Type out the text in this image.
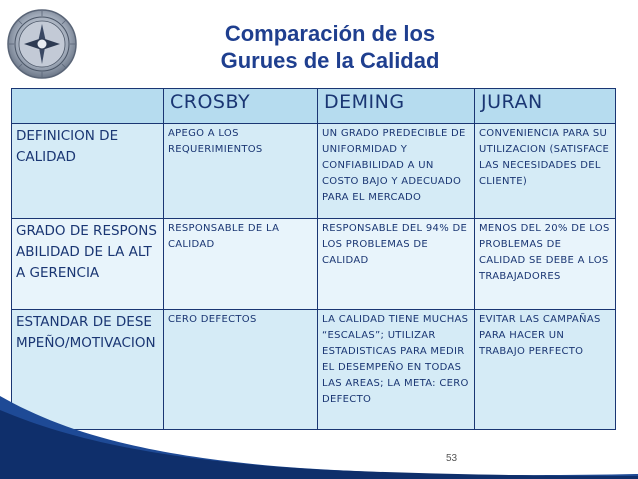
Comparación de los
Gurues de la Calidad
	CROSBY	DEMING	JURAN
DEFINICION DE CALIDAD	APEGO A LOS REQUERIMIENTOS	UN GRADO PREDECIBLE DE UNIFORMIDAD Y CONFIABILIDAD A UN COSTO BAJO Y ADECUADO PARA EL MERCADO	CONVENIENCIA PARA SU UTILIZACION (SATISFACE LAS NECESIDADES DEL CLIENTE)
GRADO DE RESPONSABILIDAD DE LA ALTA GERENCIA	RESPONSABLE DE LA CALIDAD	RESPONSABLE DEL 94% DE LOS PROBLEMAS DE CALIDAD	MENOS DEL 20% DE LOS PROBLEMAS DE CALIDAD SE DEBE A LOS TRABAJADORES
ESTANDAR DE DESEMPEÑO/MOTIVACION	CERO DEFECTOS	LA CALIDAD TIENE MUCHAS “ESCALAS”; UTILIZAR ESTADISTICAS PARA MEDIR EL DESEMPEÑO EN TODAS LAS AREAS; LA META: CERO DEFECTO	EVITAR LAS CAMPAÑAS PARA HACER UN TRABAJO PERFECTO
53
